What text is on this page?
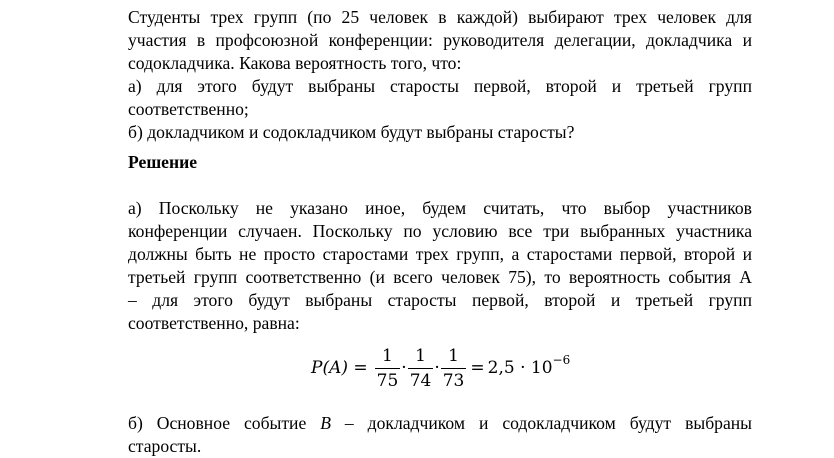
Студенты трех групп (по 25 человек в каждой) выбирают трех человек для
участия в профсоюзной конференции: руководителя делегации, докладчика и
содокладчика. Какова вероятность того, что:
а) для этого будут выбраны старосты первой, второй и третьей групп
соответственно;
б) докладчиком и содокладчиком будут выбраны старосты?
Решение
а) Поскольку не указано иное, будем считать, что выбор участников
конференции случаен. Поскольку по условию все три выбранных участника
должны быть не просто старостами трех групп, а старостами первой, второй и
третьей групп соответственно (и всего человек 75), то вероятность события А
– для этого будут выбраны старосты первой, второй и третьей групп
соответственно, равна:
$P(A) = \frac{1}{75} \cdot \frac{1}{74} \cdot \frac{1}{73} = 2,5 \cdot 10 -6$
б) Основное событие B – докладчиком и содокладчиком будут выбраны
старосты.
